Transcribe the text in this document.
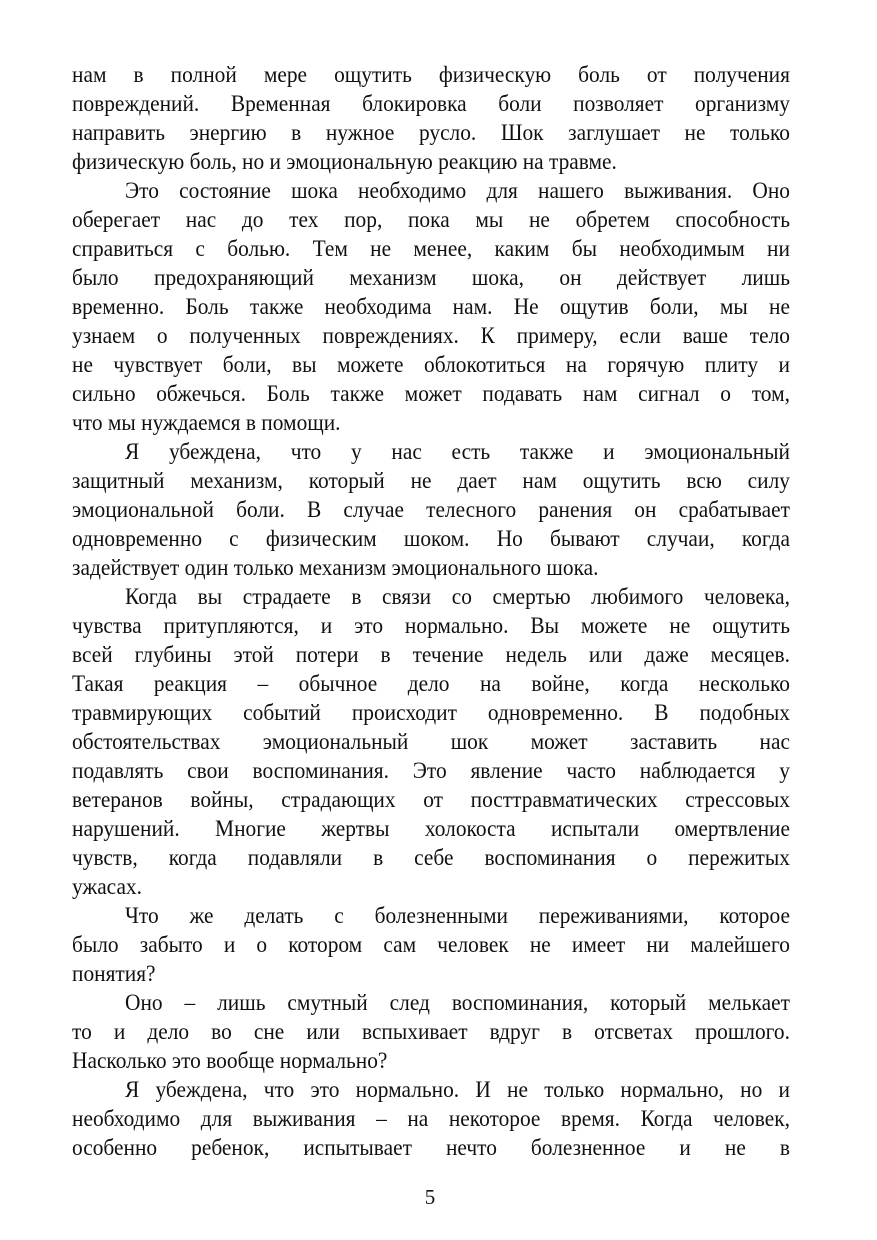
нам в полной мере ощутить физическую боль от получения
повреждений. Временная блокировка боли позволяет организму
направить энергию в нужное русло. Шок заглушает не только
физическую боль, но и эмоциональную реакцию на травме.
Это состояние шока необходимо для нашего выживания. Оно
оберегает нас до тех пор, пока мы не обретем способность
справиться с болью. Тем не менее, каким бы необходимым ни
было предохраняющий механизм шока, он действует лишь
временно. Боль также необходима нам. Не ощутив боли, мы не
узнаем о полученных повреждениях. К примеру, если ваше тело
не чувствует боли, вы можете облокотиться на горячую плиту и
сильно обжечься. Боль также может подавать нам сигнал о том,
что мы нуждаемся в помощи.
Я убеждена, что у нас есть также и эмоциональный
защитный механизм, который не дает нам ощутить всю силу
эмоциональной боли. В случае телесного ранения он срабатывает
одновременно с физическим шоком. Но бывают случаи, когда
задействует один только механизм эмоционального шока.
Когда вы страдаете в связи со смертью любимого человека,
чувства притупляются, и это нормально. Вы можете не ощутить
всей глубины этой потери в течение недель или даже месяцев.
Такая реакция – обычное дело на войне, когда несколько
травмирующих событий происходит одновременно. В подобных
обстоятельствах эмоциональный шок может заставить нас
подавлять свои воспоминания. Это явление часто наблюдается у
ветеранов войны, страдающих от посттравматических стрессовых
нарушений. Многие жертвы холокоста испытали омертвление
чувств, когда подавляли в себе воспоминания о пережитых
ужасах.
Что же делать с болезненными переживаниями, которое
было забыто и о котором сам человек не имеет ни малейшего
понятия?
Оно – лишь смутный след воспоминания, который мелькает
то и дело во сне или вспыхивает вдруг в отсветах прошлого.
Насколько это вообще нормально?
Я убеждена, что это нормально. И не только нормально, но и
необходимо для выживания – на некоторое время. Когда человек,
особенно ребенок, испытывает нечто болезненное и не в
5
